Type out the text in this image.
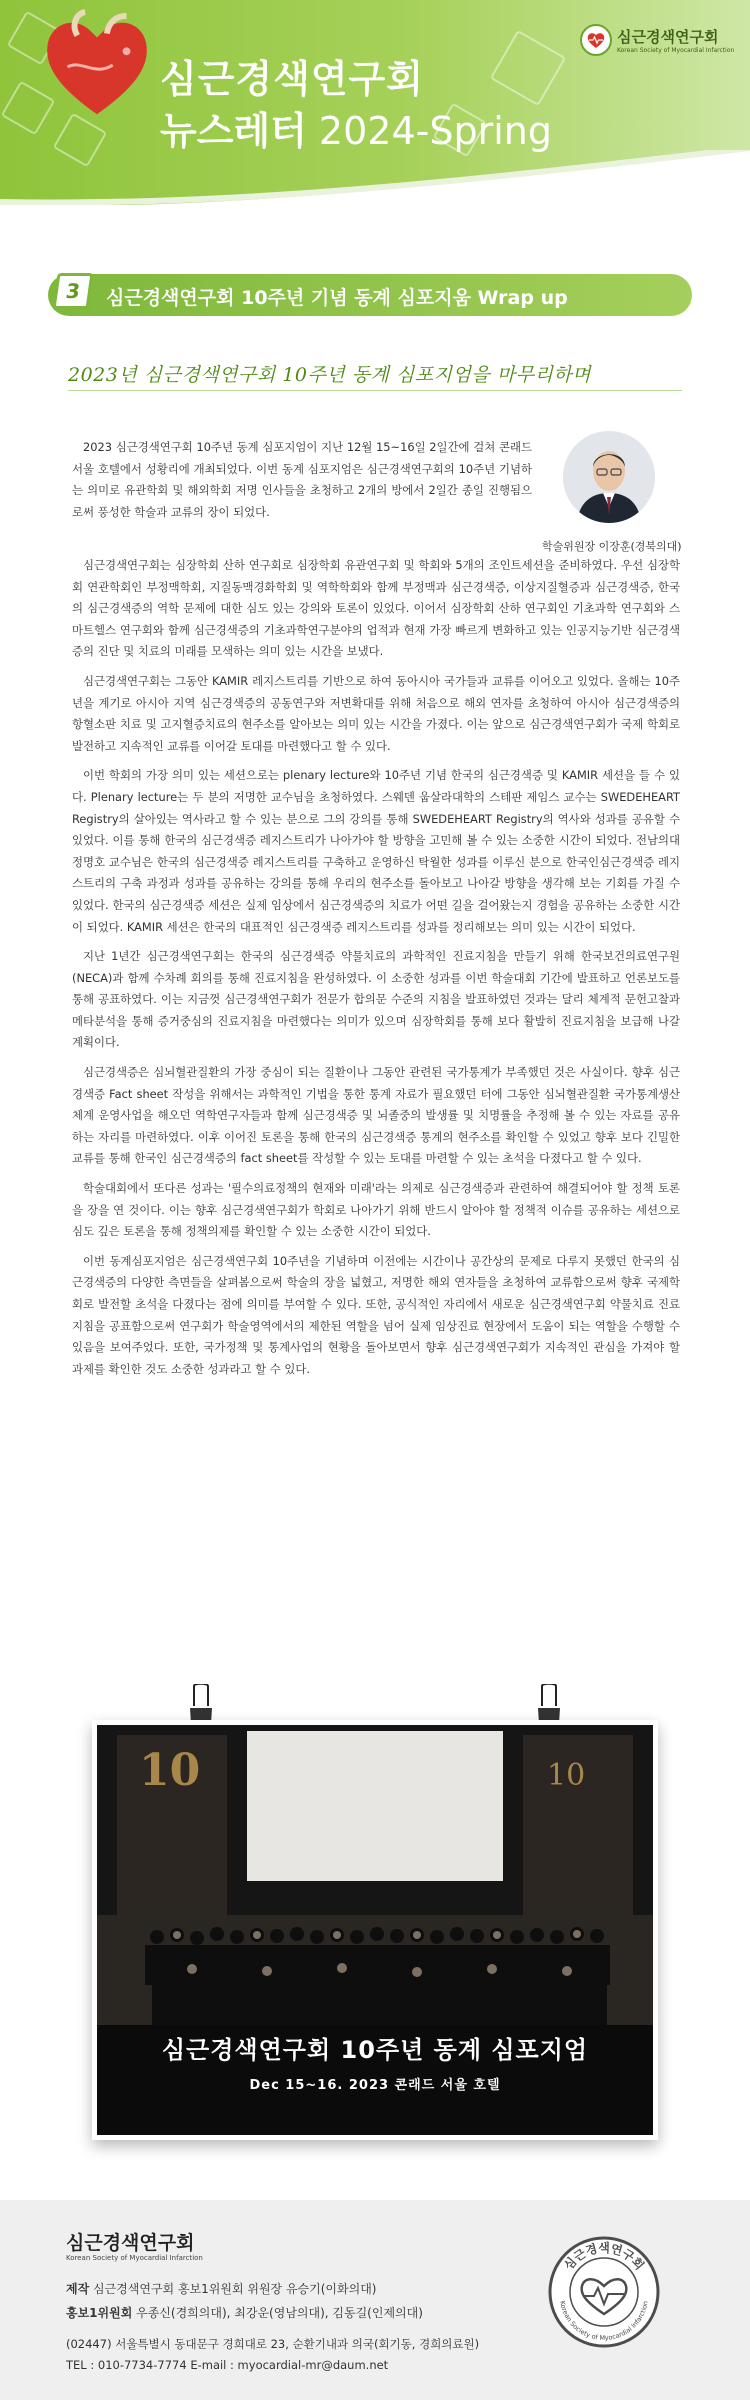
심근경색연구회
뉴스레터 2024-Spring
심근경색연구회
Korean Society of Myocardial Infarction
3	심근경색연구회 10주년 기념 동계 심포지움 Wrap up
2023년 심근경색연구회 10주년 동계 심포지엄을 마무리하며
학술위원장 이장훈(경북의대)

2023 심근경색연구회 10주년 동계 심포지엄이 지난 12월 15~16일 2일간에 걸쳐 콘래드 서울 호텔에서 성황리에 개최되었다. 이번 동계 심포지엄은 심근경색연구회의 10주년 기념하는 의미로 유관학회 및 해외학회 저명 인사들을 초청하고 2개의 방에서 2일간 종일 진행됨으로써 풍성한 학술과 교류의 장이 되었다.

심근경색연구회는 심장학회 산하 연구회로 심장학회 유관연구회 및 학회와 5개의 조인트세션을 준비하였다. 우선 심장학회 연관학회인 부정맥학회, 지질동맥경화학회 및 역학학회와 함께 부정맥과 심근경색증, 이상지질혈증과 심근경색증, 한국의 심근경색증의 역학 문제에 대한 심도 있는 강의와 토론이 있었다. 이어서 심장학회 산하 연구회인 기초과학 연구회와 스마트헬스 연구회와 함께 심근경색증의 기초과학연구분야의 업적과 현재 가장 빠르게 변화하고 있는 인공지능기반 심근경색증의 진단 및 치료의 미래를 모색하는 의미 있는 시간을 보냈다.

심근경색연구회는 그동안 KAMIR 레지스트리를 기반으로 하여 동아시아 국가들과 교류를 이어오고 있었다. 올해는 10주년을 계기로 아시아 지역 심근경색증의 공동연구와 저변확대를 위해 처음으로 해외 연자를 초청하여 아시아 심근경색증의 항혈소판 치료 및 고지혈증치료의 현주소를 알아보는 의미 있는 시간을 가졌다. 이는 앞으로 심근경색연구회가 국제 학회로 발전하고 지속적인 교류를 이어갈 토대를 마련했다고 할 수 있다.

이번 학회의 가장 의미 있는 세션으로는 plenary lecture와 10주년 기념 한국의 심근경색증 및 KAMIR 세션을 들 수 있다. Plenary lecture는 두 분의 저명한 교수님을 초청하였다. 스웨덴 웁살라대학의 스테판 제임스 교수는 SWEDEHEART Registry의 살아있는 역사라고 할 수 있는 분으로 그의 강의를 통해 SWEDEHEART Registry의 역사와 성과를 공유할 수 있었다. 이를 통해 한국의 심근경색증 레지스트리가 나아가야 할 방향을 고민해 볼 수 있는 소중한 시간이 되었다. 전남의대 정명호 교수님은 한국의 심근경색증 레지스트리를 구축하고 운영하신 탁월한 성과를 이루신 분으로 한국인심근경색증 레지스트리의 구축 과정과 성과를 공유하는 강의를 통해 우리의 현주소를 돌아보고 나아갈 방향을 생각해 보는 기회를 가질 수 있었다. 한국의 심근경색증 세션은 실제 임상에서 심근경색증의 치료가 어떤 길을 걸어왔는지 경험을 공유하는 소중한 시간이 되었다. KAMIR 세션은 한국의 대표적인 심근경색증 레지스트리를 성과를 정리해보는 의미 있는 시간이 되었다.

지난 1년간 심근경색연구회는 한국의 심근경색증 약물치료의 과학적인 진료지침을 만들기 위해 한국보건의료연구원 (NECA)과 함께 수차례 회의를 통해 진료지침을 완성하였다. 이 소중한 성과를 이번 학술대회 기간에 발표하고 언론보도를 통해 공표하였다. 이는 지금껏 심근경색연구회가 전문가 합의문 수준의 지침을 발표하였던 것과는 달리 체계적 문헌고찰과 메타분석을 통해 증거중심의 진료지침을 마련했다는 의미가 있으며 심장학회를 통해 보다 활발히 진료지침을 보급해 나갈 계획이다.

심근경색증은 심뇌혈관질환의 가장 중심이 되는 질환이나 그동안 관련된 국가통계가 부족했던 것은 사실이다. 향후 심근경색증 Fact sheet 작성을 위해서는 과학적인 기법을 통한 통계 자료가 필요했던 터에 그동안 심뇌혈관질환 국가통계생산체계 운영사업을 해오던 역학연구자들과 함께 심근경색증 및 뇌졸중의 발생률 및 치명률을 추정해 볼 수 있는 자료를 공유하는 자리를 마련하였다. 이후 이어진 토론을 통해 한국의 심근경색증 통계의 현주소를 확인할 수 있었고 향후 보다 긴밀한 교류를 통해 한국인 심근경색증의 fact sheet를 작성할 수 있는 토대를 마련할 수 있는 초석을 다졌다고 할 수 있다.

학술대회에서 또다른 성과는 '필수의료정책의 현재와 미래'라는 의제로 심근경색증과 관련하여 해결되어야 할 정책 토론을 장을 연 것이다. 이는 향후 심근경색연구회가 학회로 나아가기 위해 반드시 알아야 할 정책적 이슈를 공유하는 세션으로 심도 깊은 토론을 통해 정책의제를 확인할 수 있는 소중한 시간이 되었다.

이번 동계심포지엄은 심근경색연구회 10주년을 기념하며 이전에는 시간이나 공간상의 문제로 다루지 못했던 한국의 심근경색증의 다양한 측면들을 살펴봄으로써 학술의 장을 넓혔고, 저명한 해외 연자들을 초청하여 교류함으로써 향후 국제학회로 발전할 초석을 다졌다는 점에 의미를 부여할 수 있다. 또한, 공식적인 자리에서 새로운 심근경색연구회 약물치료 진료지침을 공표함으로써 연구회가 학술영역에서의 제한된 역할을 넘어 실제 임상진료 현장에서 도움이 되는 역할을 수행할 수 있음을 보여주었다. 또한, 국가정책 및 통계사업의 현황을 돌아보면서 향후 심근경색연구회가 지속적인 관심을 가져야 할 과제를 확인한 것도 소중한 성과라고 할 수 있다.

10	10
심근경색연구회 10주년 동계 심포지엄
Dec 15~16. 2023 콘래드 서울 호텔
심근경색연구회
Korean Society of Myocardial Infarction
제작 심근경색연구회 홍보1위원회 위원장 유승기(이화의대)
홍보1위원회 우종신(경희의대), 최강운(영남의대), 김동길(인제의대)
(02447) 서울특별시 동대문구 경희대로 23, 순환기내과 의국(회기동, 경희의료원)
TEL : 010-7734-7774 E-mail : myocardial-mr@daum.net
심근경색연구회
Korean Society of Myocardial Infarction
